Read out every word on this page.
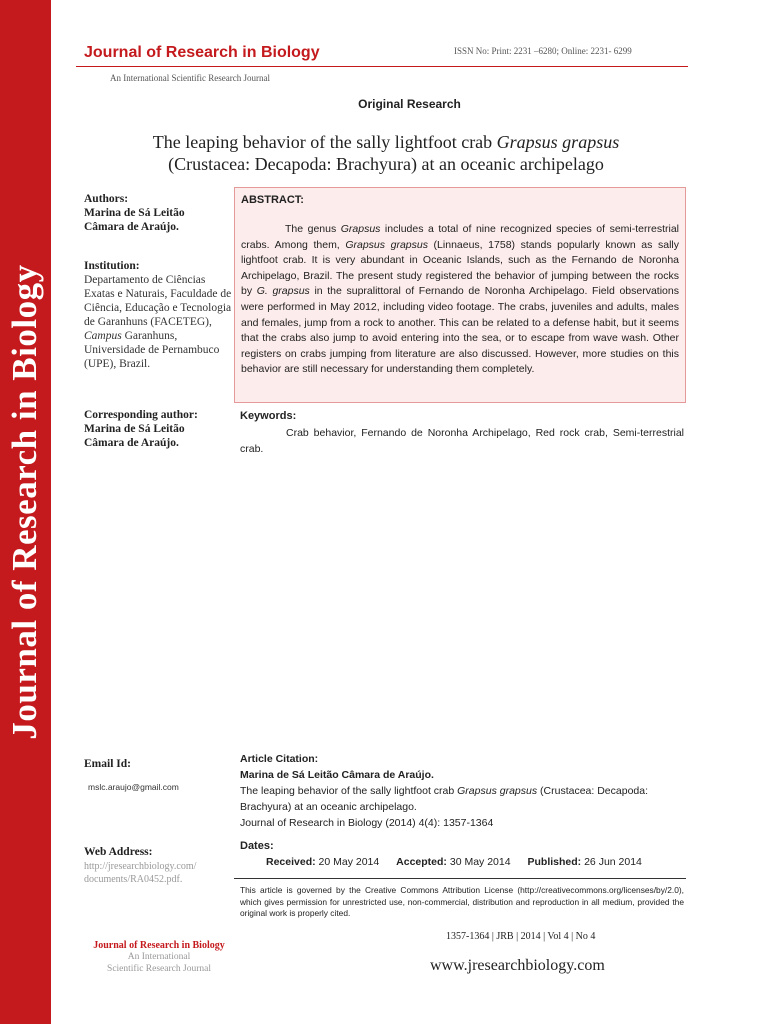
Journal of Research in Biology
Journal of Research in Biology
An International Scientific Research Journal
ISSN No: Print: 2231 –6280; Online: 2231- 6299
Original Research
The leaping behavior of the sally lightfoot crab Grapsus grapsus
(Crustacea: Decapoda: Brachyura) at an oceanic archipelago
Authors:
Marina de Sá Leitão
Câmara de Araújo.
Institution:
Departamento de Ciências Exatas e Naturais, Faculdade de Ciência, Educação e Tecnologia de Garanhuns (FACETEG), Campus Garanhuns, Universidade de Pernambuco (UPE), Brazil.
Corresponding author:
Marina de Sá Leitão
Câmara de Araújo.
ABSTRACT:
The genus Grapsus includes a total of nine recognized species of semi-terrestrial crabs. Among them, Grapsus grapsus (Linnaeus, 1758) stands popularly known as sally lightfoot crab. It is very abundant in Oceanic Islands, such as the Fernando de Noronha Archipelago, Brazil. The present study registered the behavior of jumping between the rocks by G. grapsus in the supralittoral of Fernando de Noronha Archipelago. Field observations were performed in May 2012, including video footage. The crabs, juveniles and adults, males and females, jump from a rock to another. This can be related to a defense habit, but it seems that the crabs also jump to avoid entering into the sea, or to escape from wave wash. Other registers on crabs jumping from literature are also discussed. However, more studies on this behavior are still necessary for understanding them completely.
Keywords:
Crab behavior, Fernando de Noronha Archipelago, Red rock crab, Semi-terrestrial crab.
Email Id:
mslc.araujo@gmail.com
Web Address:
http://jresearchbiology.com/
documents/RA0452.pdf.
Article Citation:
Marina de Sá Leitão Câmara de Araújo.
The leaping behavior of the sally lightfoot crab Grapsus grapsus (Crustacea: Decapoda: Brachyura) at an oceanic archipelago.
Journal of Research in Biology (2014) 4(4): 1357-1364
Dates:
Received: 20 May 2014 Accepted: 30 May 2014 Published: 26 Jun 2014
This article is governed by the Creative Commons Attribution License (http://creativecommons.org/licenses/by/2.0), which gives permission for unrestricted use, non-commercial, distribution and reproduction in all medium, provided the original work is properly cited.
1357-1364 | JRB | 2014 | Vol 4 | No 4
www.jresearchbiology.com
Journal of Research in Biology
An International
Scientific Research Journal
